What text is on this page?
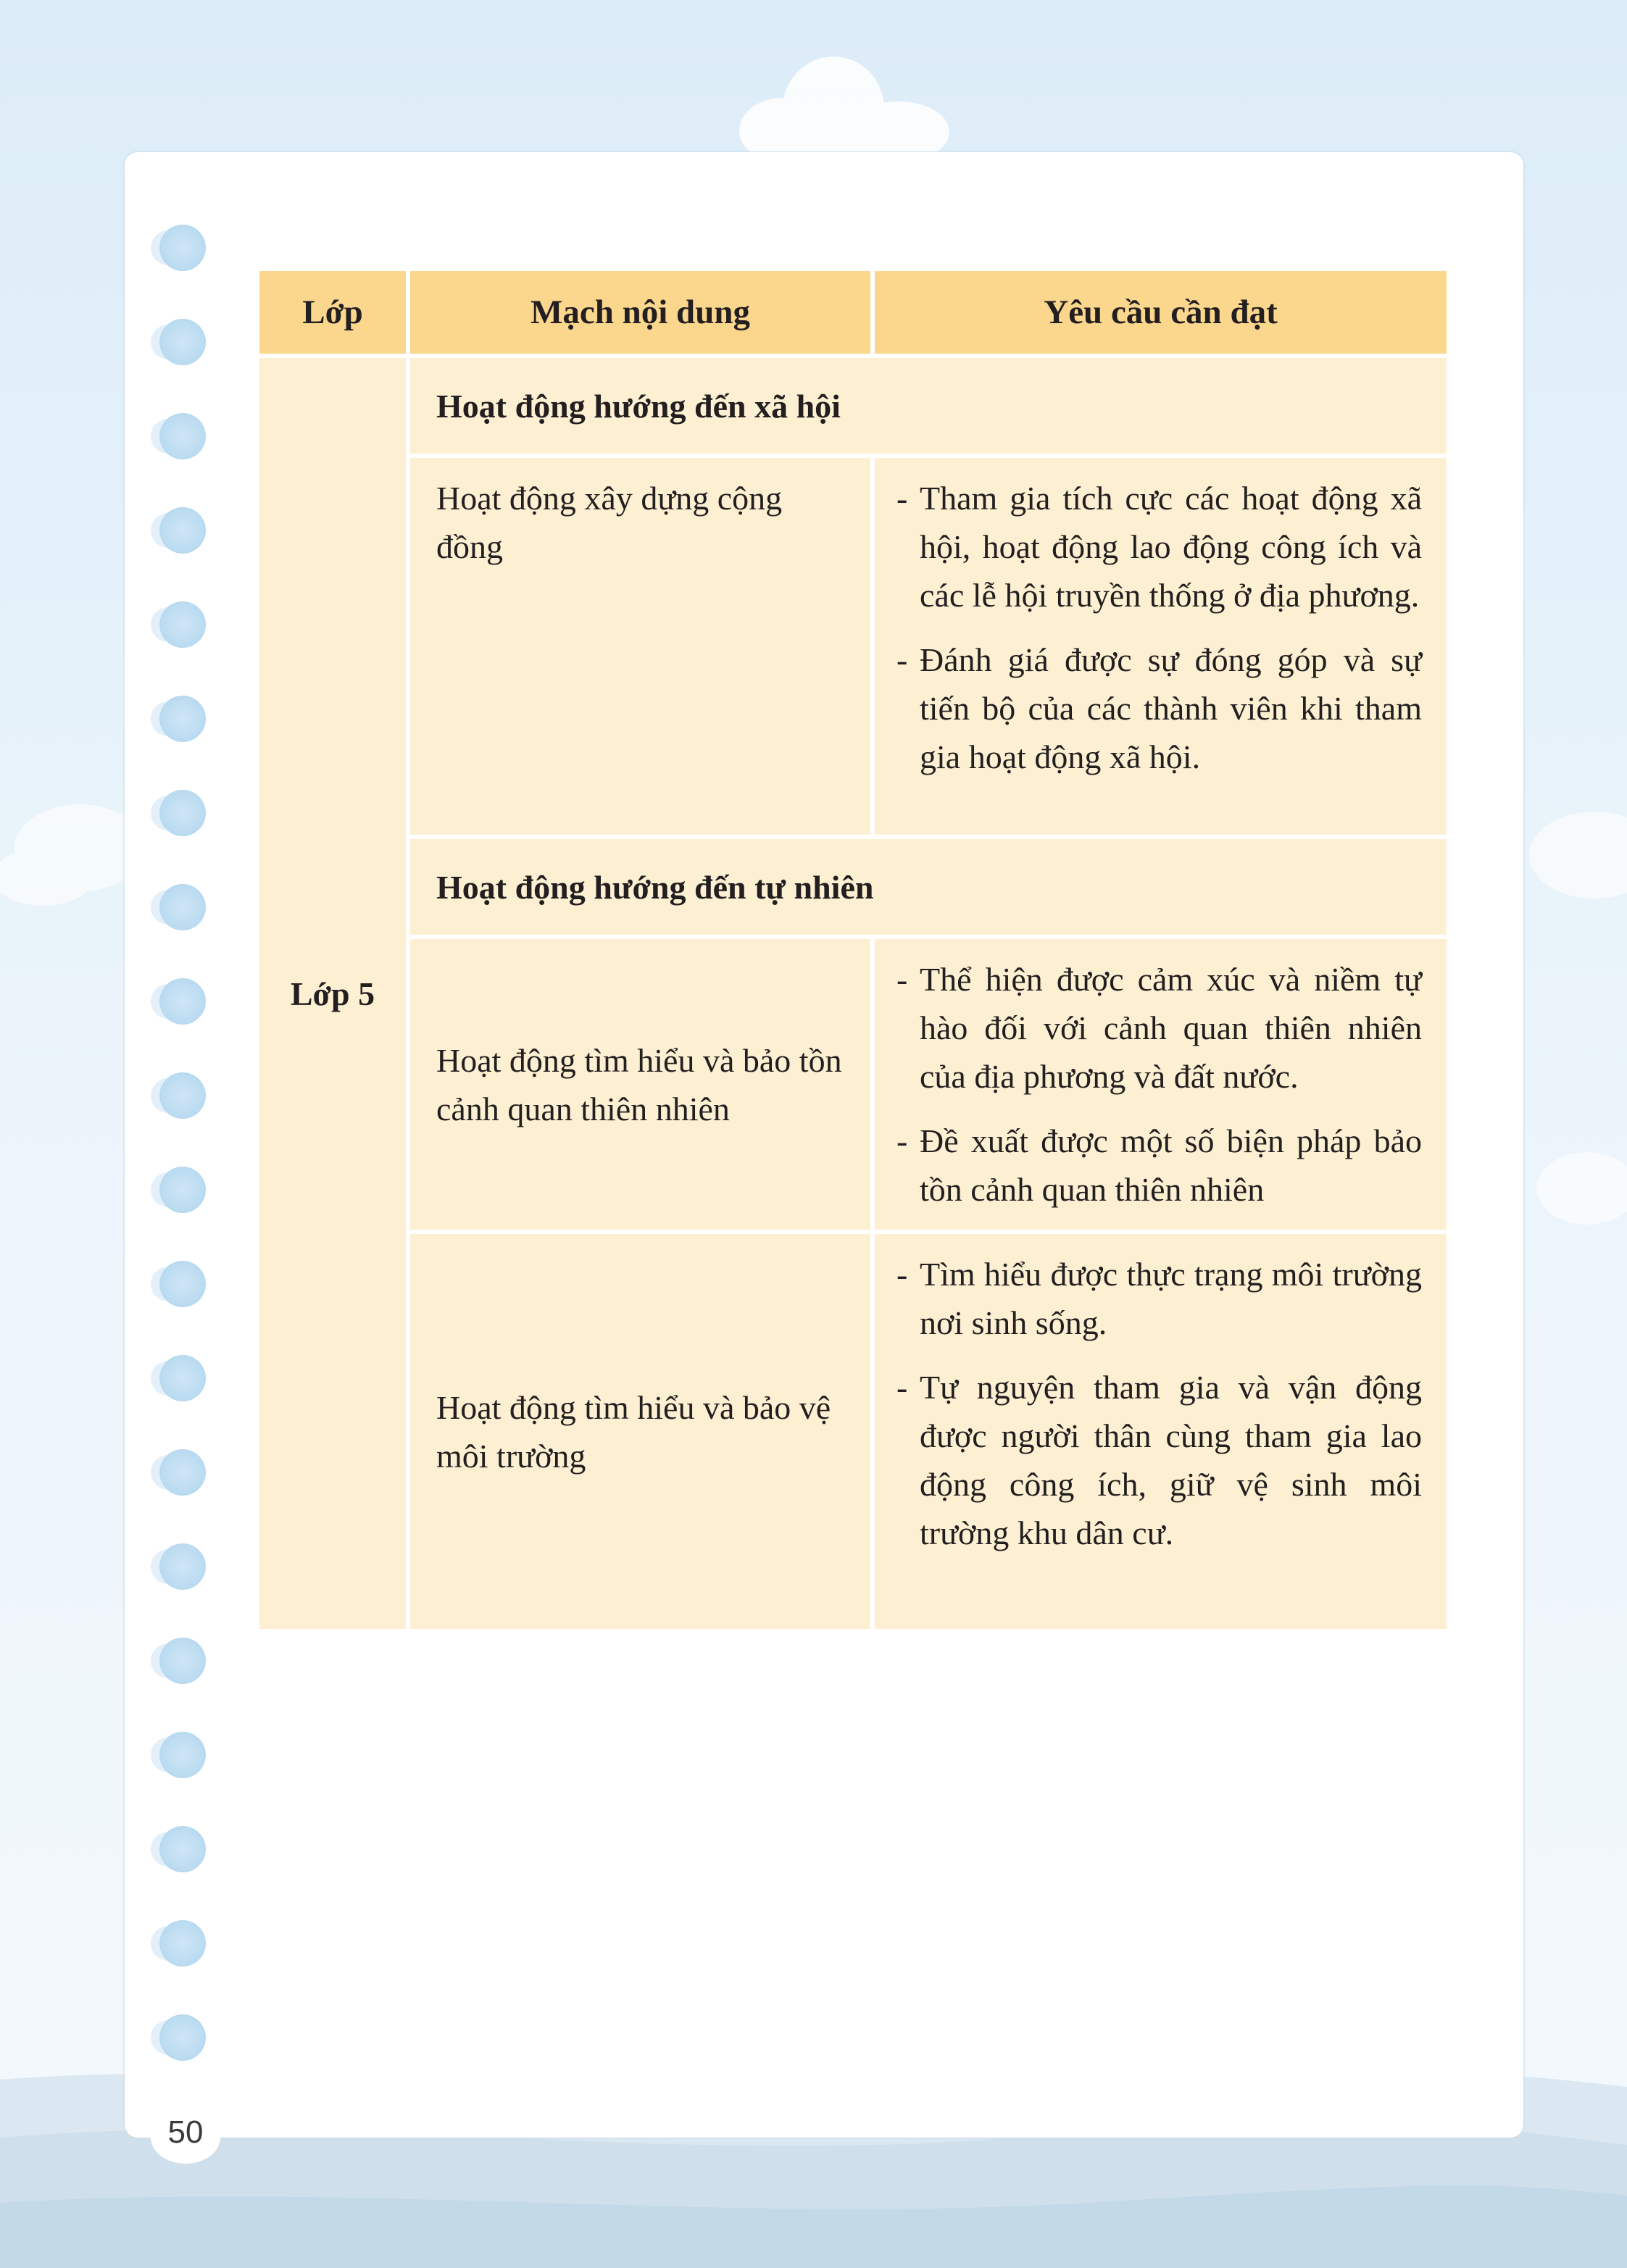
Lớp	Mạch nội dung	Yêu cầu cần đạt
Lớp 5	Hoạt động hướng đến xã hội	
	Hoạt động xây dựng cộng đồng	- Tham gia tích cực các hoạt động xã hội, hoạt động lao động công ích và các lễ hội truyền thống ở địa phương.
- Đánh giá được sự đóng góp và sự tiến bộ của các thành viên khi tham gia hoạt động xã hội.

	Hoạt động hướng đến tự nhiên	
	Hoạt động tìm hiểu và bảo tồn cảnh quan thiên nhiên	- Thể hiện được cảm xúc và niềm tự hào đối với cảnh quan thiên nhiên của địa phương và đất nước.
- Đề xuất được một số biện pháp bảo tồn cảnh quan thiên nhiên

	Hoạt động tìm hiểu và bảo vệ môi trường	- Tìm hiểu được thực trạng môi trường nơi sinh sống.
- Tự nguyện tham gia và vận động được người thân cùng tham gia lao động công ích, giữ vệ sinh môi trường khu dân cư.
50
